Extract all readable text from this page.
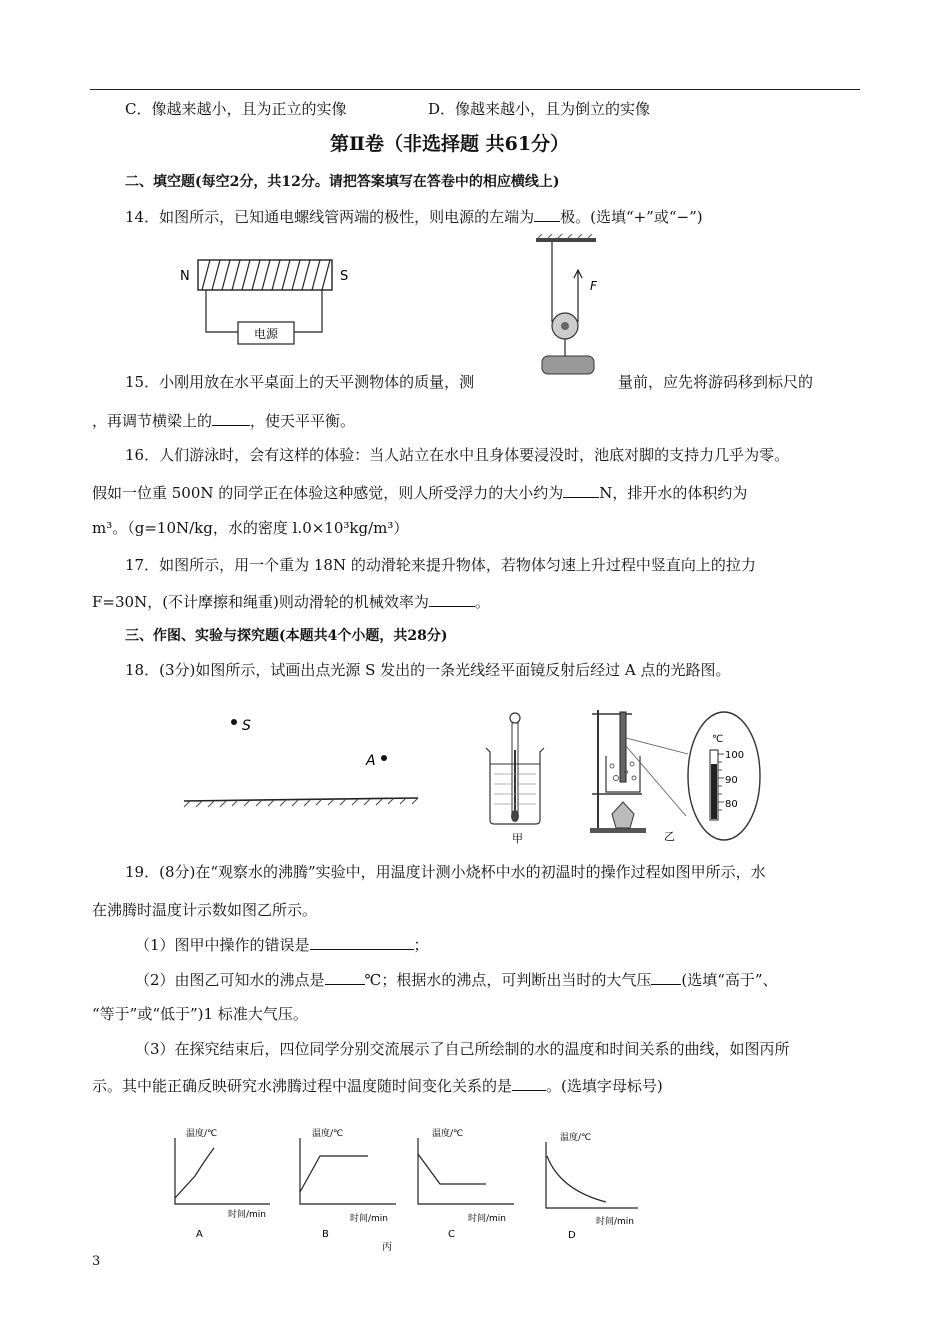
C．像越来越小，且为正立的实像	D．像越来越小，且为倒立的实像
第Ⅱ卷（非选择题 共61分）
二、填空题(每空2分，共12分。请把答案填写在答卷中的相应横线上)
14．如图所示，已知通电螺线管两端的极性，则电源的左端为 极。(选填“+”或“−”)
电源
N	S
F
15．小刚用放在水平桌面上的天平测物体的质量，测	量前，应先将游码移到标尺的
，再调节横梁上的	，使天平平衡。
16．人们游泳时，会有这样的体验：当人站立在水中且身体要浸没时，池底对脚的支持力几乎为零。
假如一位重 500N 的同学正在体验这种感觉，则人所受浮力的大小约为 N，排开水的体积约为
m³。（g=10N/kg，水的密度 l.0×10³kg/m³）
17．如图所示，用一个重为 18N 的动滑轮来提升物体，若物体匀速上升过程中竖直向上的拉力
F=30N，(不计摩擦和绳重)则动滑轮的机械效率为	。
三、作图、实验与探究题(本题共4个小题，共28分)
18．(3分)如图所示，试画出点光源 S 发出的一条光线经平面镜反射后经过 A 点的光路图。
S
A
甲
℃
100
90
80
乙
19．(8分)在“观察水的沸腾”实验中，用温度计测小烧杯中水的初温时的操作过程如图甲所示，水
在沸腾时温度计示数如图乙所示。
（1）图甲中操作的错误是	；
（2）由图乙可知水的沸点是	℃；根据水的沸点，可判断出当时的大气压 (选填“高于”、
“等于”或“低于”)1 标准大气压。
（3）在探究结束后，四位同学分别交流展示了自己所绘制的水的温度和时间关系的曲线，如图丙所
示。其中能正确反映研究水沸腾过程中温度随时间变化关系的是 。(选填字母标号)
温度/℃
时间/min
A
温度/℃
时间/min
B
温度/℃
时间/min
C
温度/℃
时间/min
D
丙
3
